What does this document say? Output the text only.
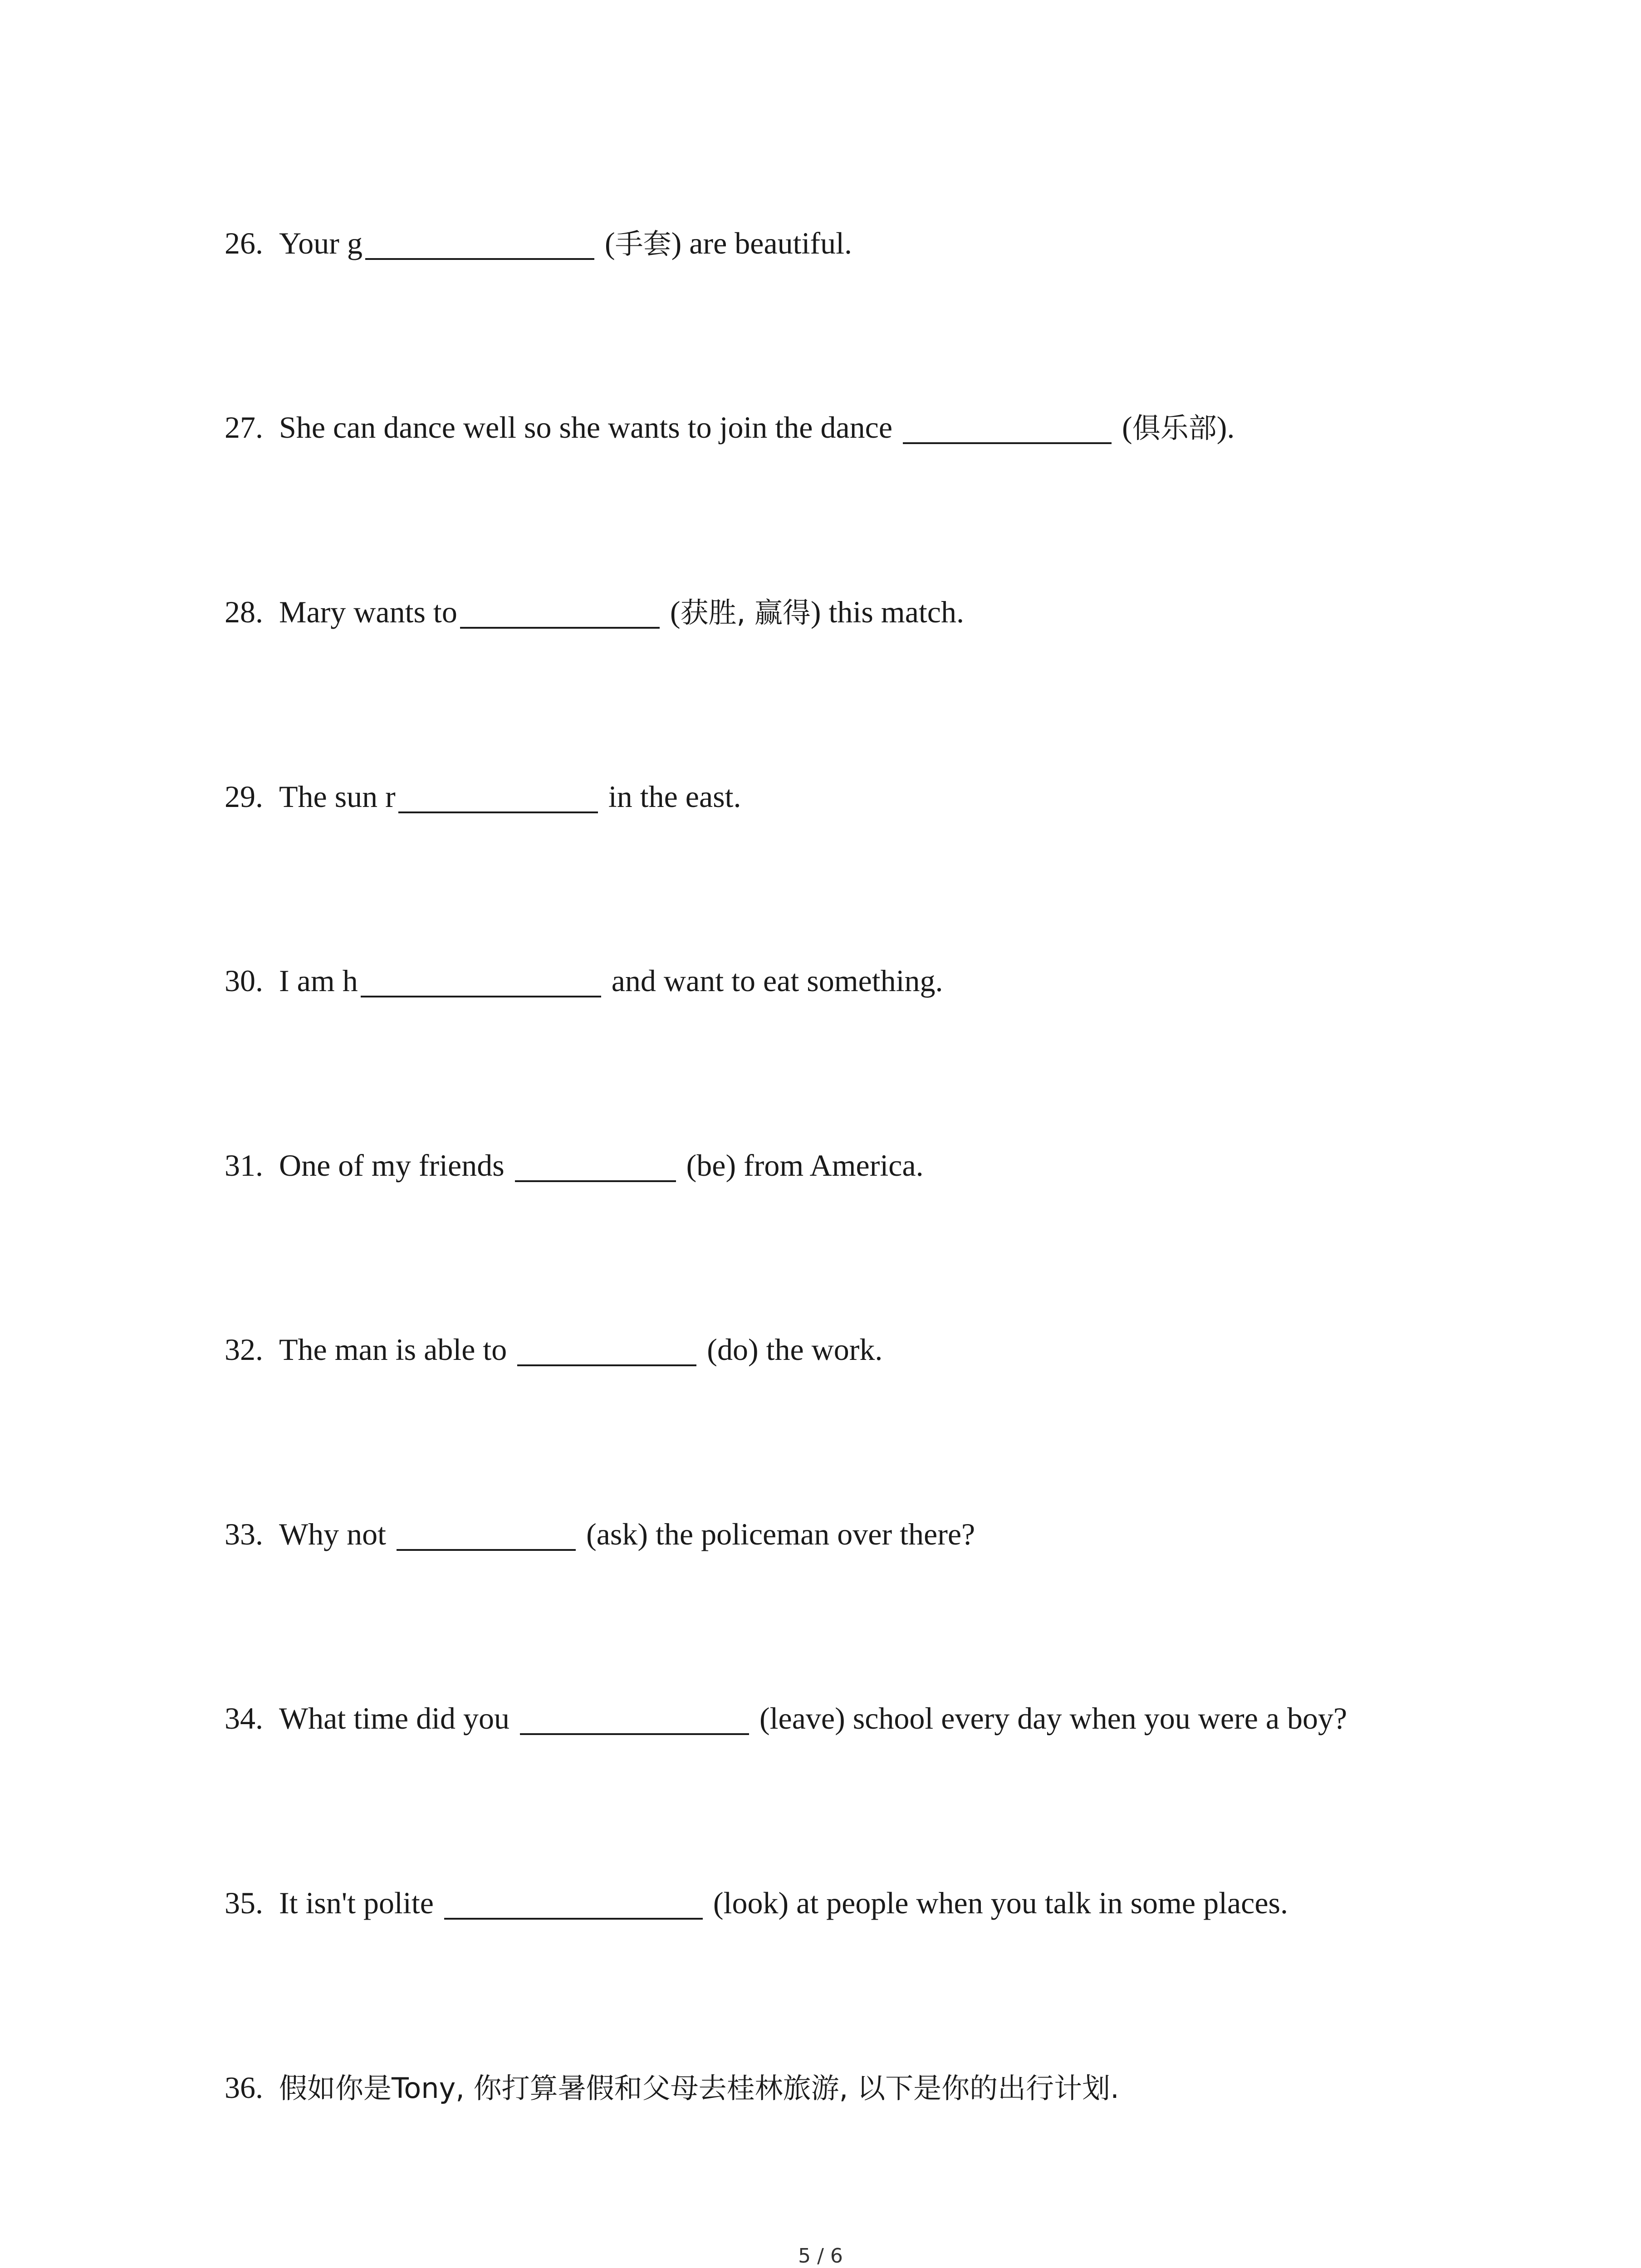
26. Your g	(手套) are beautiful.
27. She can dance well so she wants to join the dance	(俱乐部).
28. Mary wants to	(获胜, 赢得) this match.
29. The sun r	in the east.
30. I am h	and want to eat something.
31. One of my friends	(be) from America.
32. The man is able to	(do) the work.
33. Why not	(ask) the policeman over there?
34. What time did you	(leave) school every day when you were a boy?
35. It isn't polite	(look) at people when you talk in some places.
36. 假如你是Tony, 你打算暑假和父母去桂林旅游, 以下是你的出行计划.
5 / 6
